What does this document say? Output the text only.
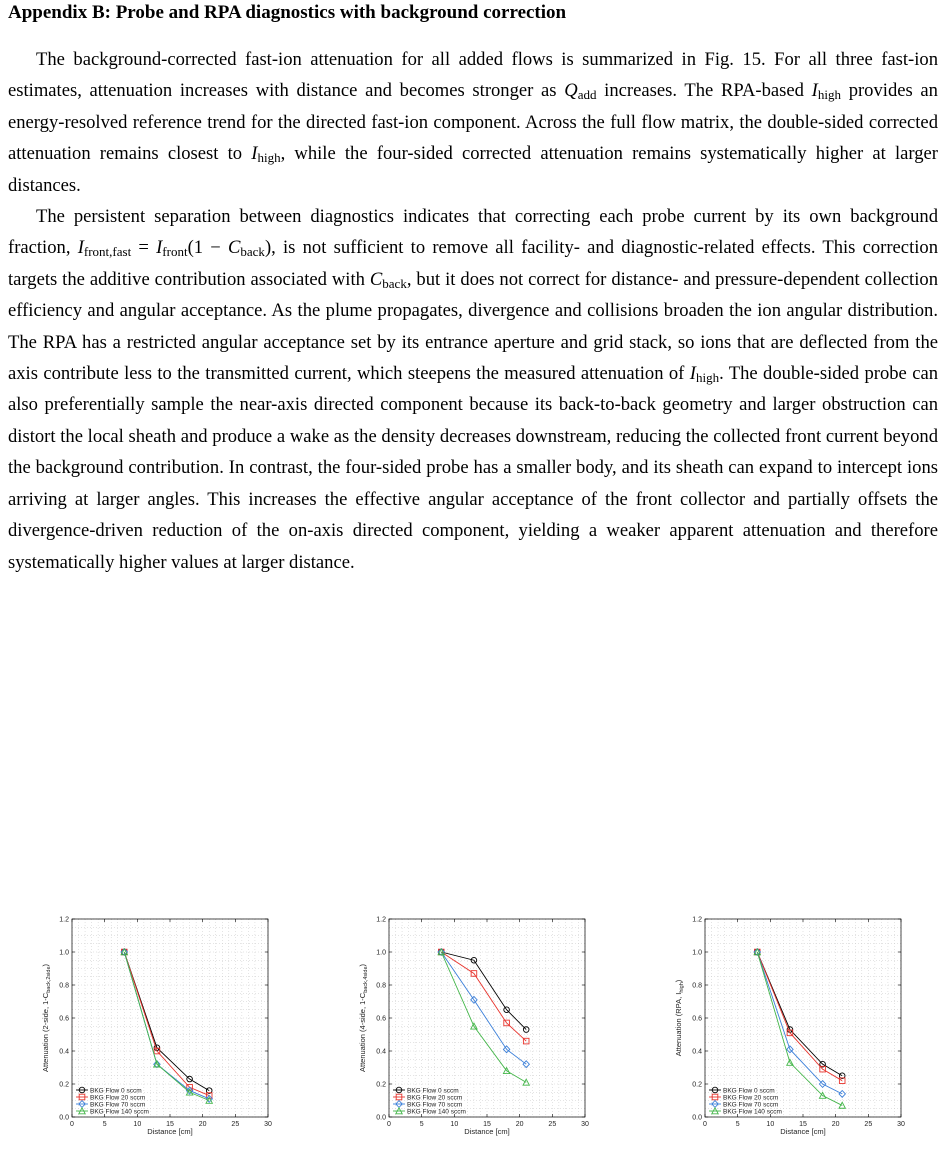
Appendix B: Probe and RPA diagnostics with background correction

The background-corrected fast-ion attenuation for all added flows is summarized in Fig. 15. For all three fast-ion estimates, attenuation increases with distance and becomes stronger as $Q_{add}$ increases. The RPA-based $I_{high}$ provides an energy-resolved reference trend for the directed fast-ion component. Across the full flow matrix, the double-sided corrected attenuation remains closest to $I_{high}$, while the four-sided corrected attenuation remains systematically higher at larger distances.

The persistent separation between diagnostics indicates that correcting each probe current by its own background fraction, $I_{front,fast} = I_{front}(1 - C_{back})$, is not sufficient to remove all facility- and diagnostic-related effects. This correction targets the additive contribution associated with $C_{back}$, but it does not correct for distance- and pressure-dependent collection efficiency and angular acceptance. As the plume propagates, divergence and collisions broaden the ion angular distribution. The RPA has a restricted angular acceptance set by its entrance aperture and grid stack, so ions that are deflected from the axis contribute less to the transmitted current, which steepens the measured attenuation of $I_{high}$. The double-sided probe can also preferentially sample the near-axis directed component because its back-to-back geometry and larger obstruction can distort the local sheath and produce a wake as the density decreases downstream, reducing the collected front current beyond the background contribution. In contrast, the four-sided probe has a smaller body, and its sheath can expand to intercept ions arriving at larger angles. This increases the effective angular acceptance of the front collector and partially offsets the divergence-driven reduction of the on-axis directed component, yielding a weaker apparent attenuation and therefore systematically higher values at larger distance.

0	5	10	15	20	25	30
0.0
0.2
0.4
0.6
0.8
1.0
1.2
Distance [cm]
Attenuation (2-side, $1-C_{back,2side}$)
BKG Flow 0 sccm
BKG Flow 20 sccm
BKG Flow 70 sccm
BKG Flow 140 sccm
0	5	10	15	20	25	30
0.0
0.2
0.4
0.6
0.8
1.0
1.2
Distance [cm]
Attenuation (4-side, $1-C_{back,4side}$)
BKG Flow 0 sccm
BKG Flow 20 sccm
BKG Flow 70 sccm
BKG Flow 140 sccm
0	5	10	15	20	25	30
0.0
0.2
0.4
0.6
0.8
1.0
1.2
Distance [cm]
Attenuation (RPA, $I_{high}$)
BKG Flow 0 sccm
BKG Flow 20 sccm
BKG Flow 70 sccm
BKG Flow 140 sccm
